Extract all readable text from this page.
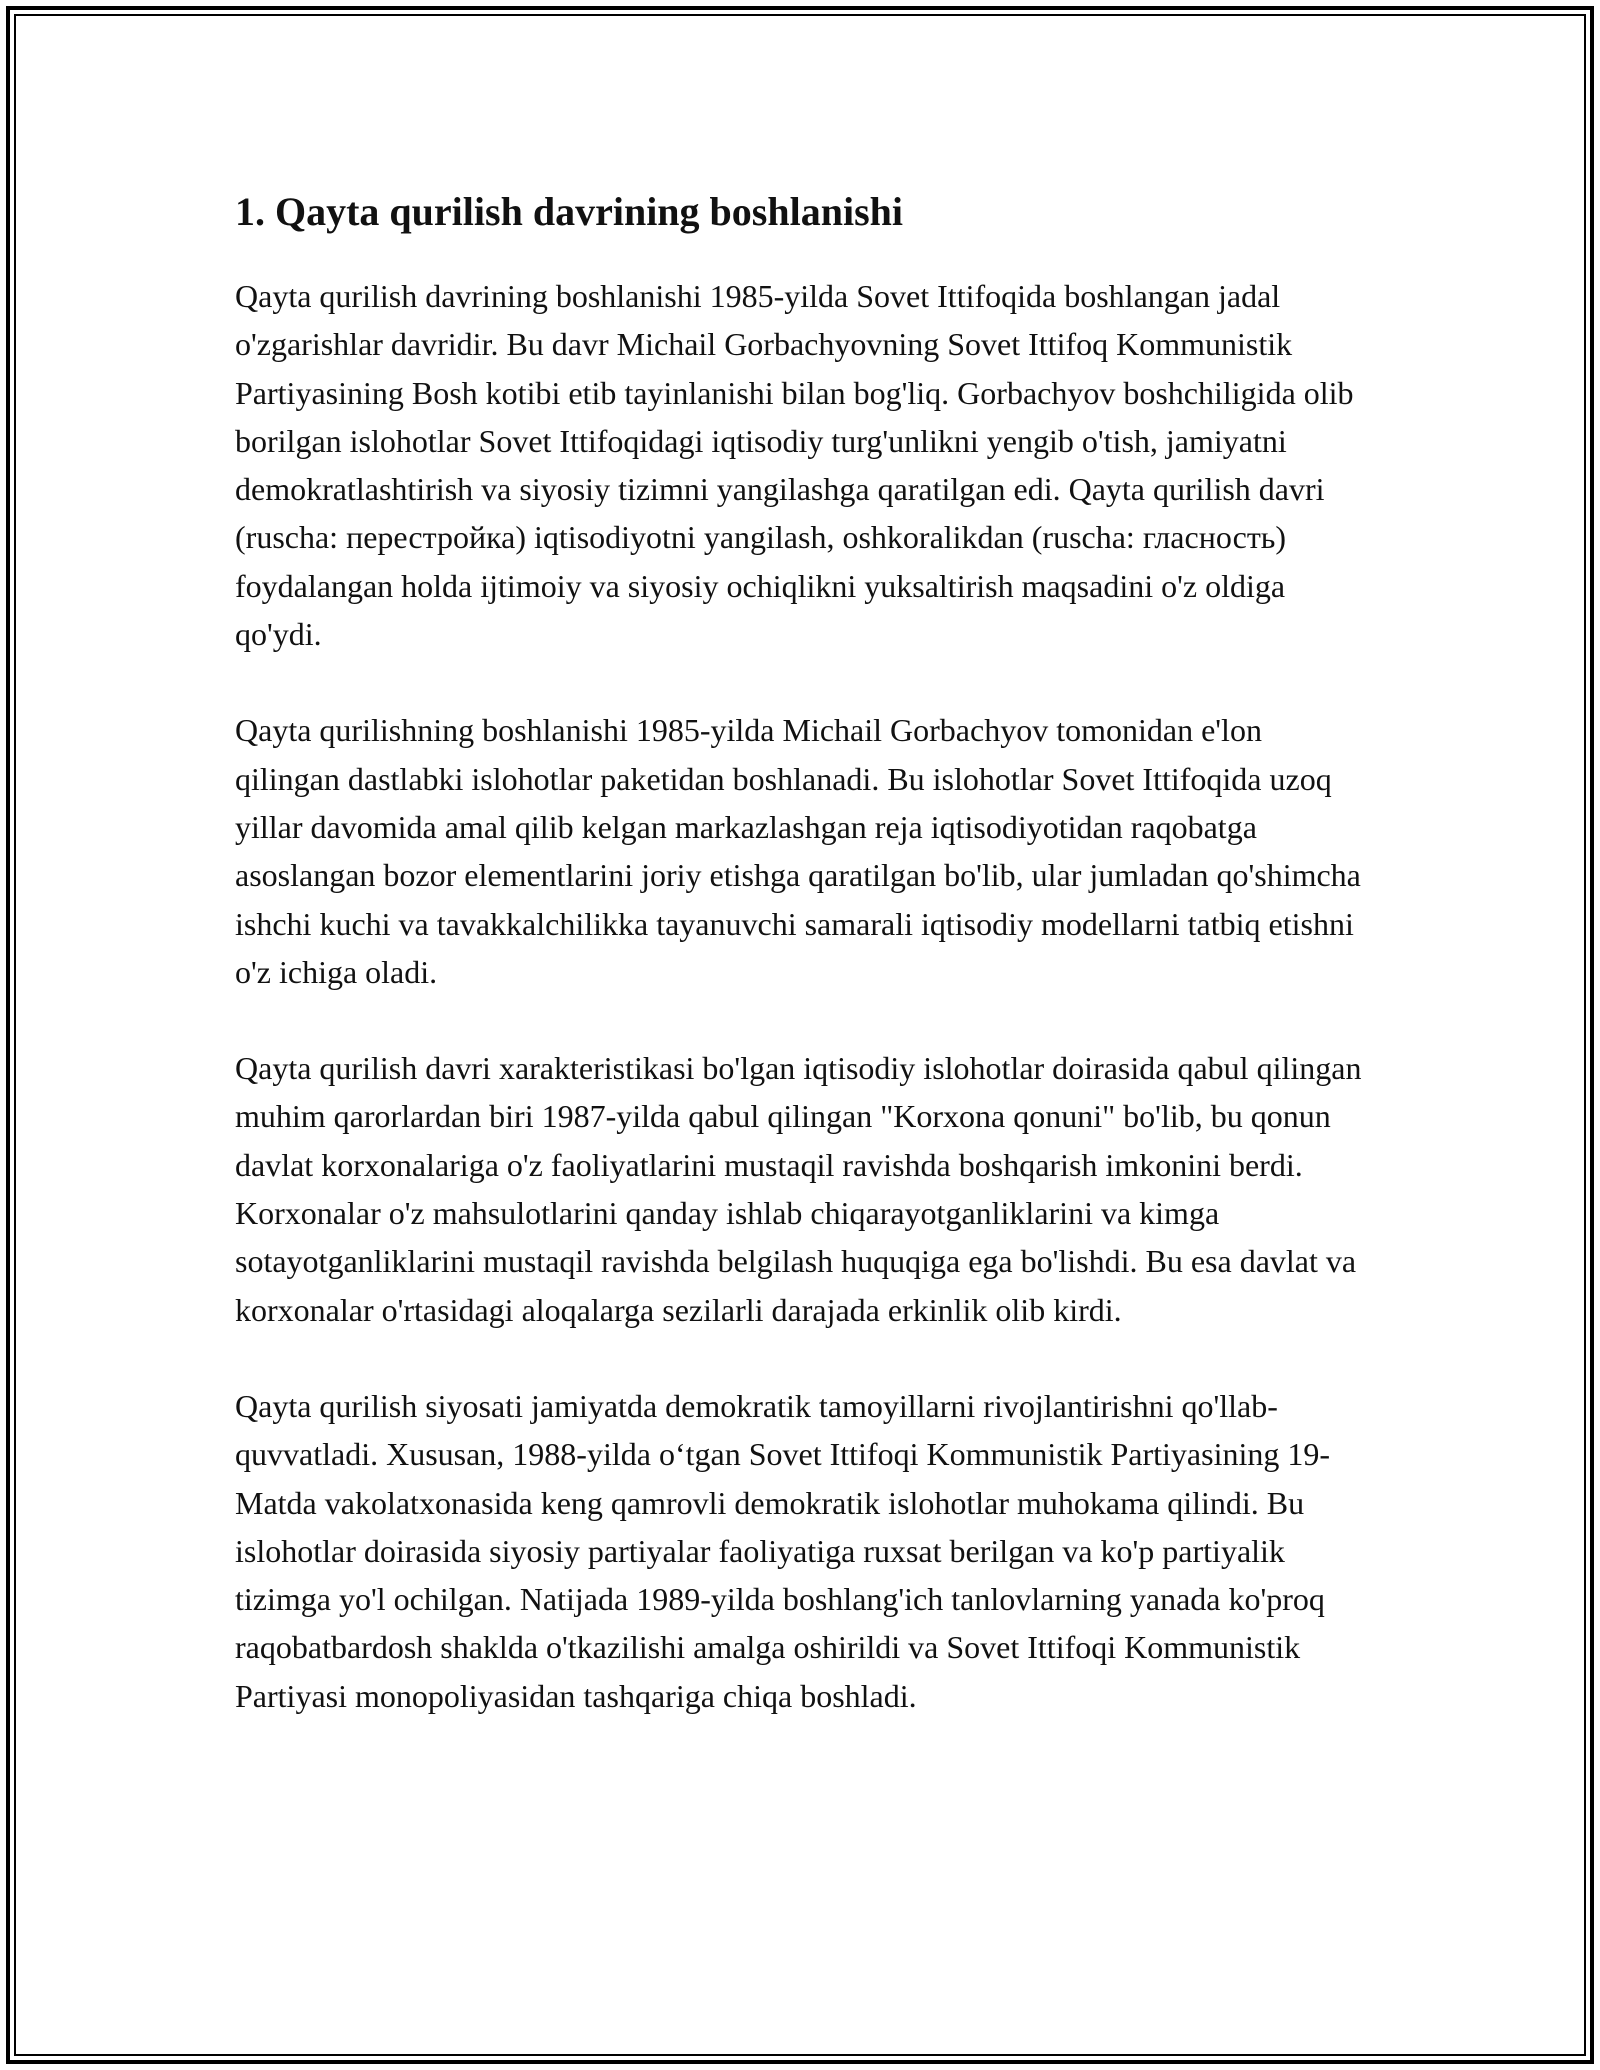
1. Qayta qurilish davrining boshlanishi

Qayta qurilish davrining boshlanishi 1985-yilda Sovet Ittifoqida boshlangan jadal o'zgarishlar davridir. Bu davr Michail Gorbachyovning Sovet Ittifoq Kommunistik Partiyasining Bosh kotibi etib tayinlanishi bilan bog'liq. Gorbachyov boshchiligida olib borilgan islohotlar Sovet Ittifoqidagi iqtisodiy turg'unlikni yengib o'tish, jamiyatni demokratlashtirish va siyosiy tizimni yangilashga qaratilgan edi. Qayta qurilish davri (ruscha: перестройка) iqtisodiyotni yangilash, oshkoralikdan (ruscha: гласность) foydalangan holda ijtimoiy va siyosiy ochiqlikni yuksaltirish maqsadini o'z oldiga qo'ydi.

Qayta qurilishning boshlanishi 1985-yilda Michail Gorbachyov tomonidan e'lon qilingan dastlabki islohotlar paketidan boshlanadi. Bu islohotlar Sovet Ittifoqida uzoq yillar davomida amal qilib kelgan markazlashgan reja iqtisodiyotidan raqobatga asoslangan bozor elementlarini joriy etishga qaratilgan bo'lib, ular jumladan qo'shimcha ishchi kuchi va tavakkalchilikka tayanuvchi samarali iqtisodiy modellarni tatbiq etishni o'z ichiga oladi.

Qayta qurilish davri xarakteristikasi bo'lgan iqtisodiy islohotlar doirasida qabul qilingan muhim qarorlardan biri 1987-yilda qabul qilingan "Korxona qonuni" bo'lib, bu qonun davlat korxonalariga o'z faoliyatlarini mustaqil ravishda boshqarish imkonini berdi. Korxonalar o'z mahsulotlarini qanday ishlab chiqarayotganliklarini va kimga sotayotganliklarini mustaqil ravishda belgilash huquqiga ega bo'lishdi. Bu esa davlat va korxonalar o'rtasidagi aloqalarga sezilarli darajada erkinlik olib kirdi.

Qayta qurilish siyosati jamiyatda demokratik tamoyillarni rivojlantirishni qo'llab-quvvatladi. Xususan, 1988-yilda o‘tgan Sovet Ittifoqi Kommunistik Partiyasining 19-Matda vakolatxonasida keng qamrovli demokratik islohotlar muhokama qilindi. Bu islohotlar doirasida siyosiy partiyalar faoliyatiga ruxsat berilgan va ko'p partiyalik tizimga yo'l ochilgan. Natijada 1989-yilda boshlang'ich tanlovlarning yanada ko'proq raqobatbardosh shaklda o'tkazilishi amalga oshirildi va Sovet Ittifoqi Kommunistik Partiyasi monopoliyasidan tashqariga chiqa boshladi.
